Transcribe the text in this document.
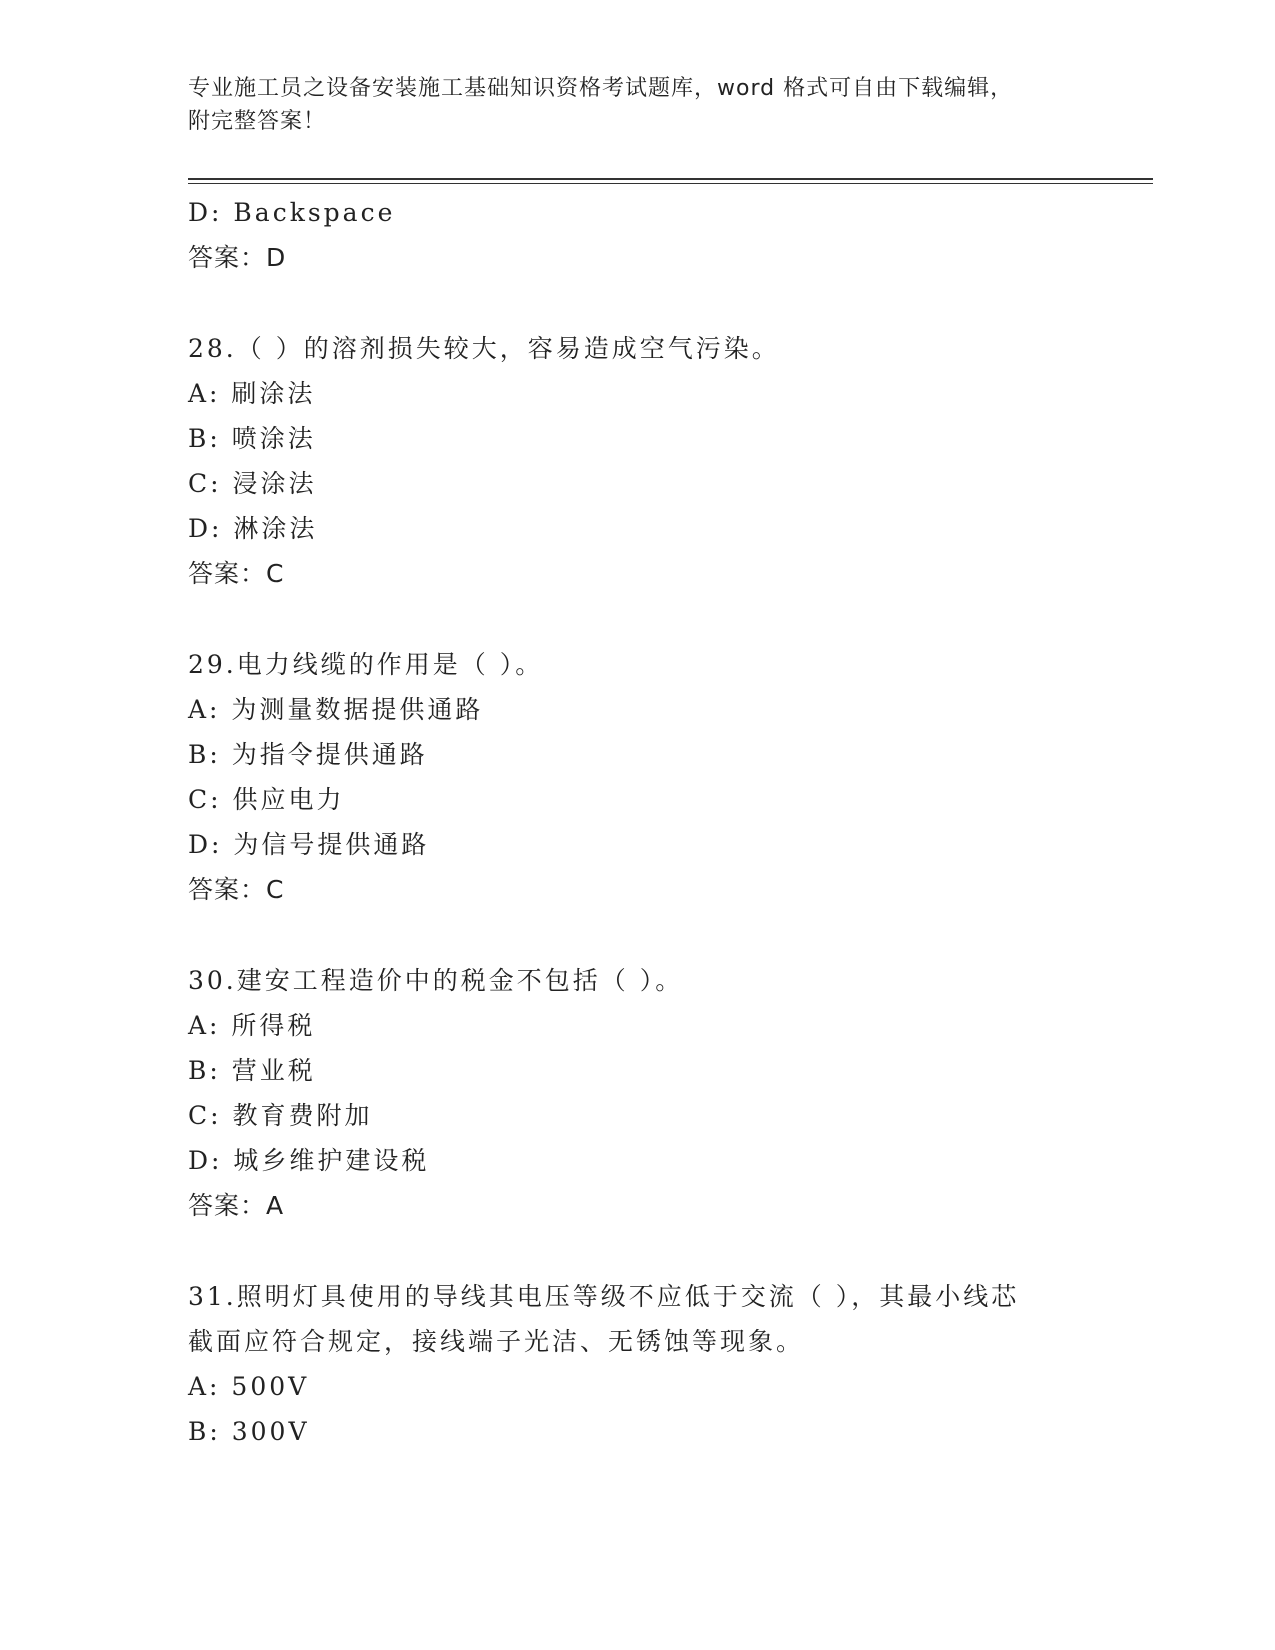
专业施工员之设备安装施工基础知识资格考试题库，word 格式可自由下载编辑，
附完整答案！
D: Backspace
答案：D
28.（ ）的溶剂损失较大，容易造成空气污染。
A: 刷涂法
B: 喷涂法
C: 浸涂法
D: 淋涂法
答案：C
29.电力线缆的作用是（ ）。
A: 为测量数据提供通路
B: 为指令提供通路
C: 供应电力
D: 为信号提供通路
答案：C
30.建安工程造价中的税金不包括（ ）。
A: 所得税
B: 营业税
C: 教育费附加
D: 城乡维护建设税
答案：A
31.照明灯具使用的导线其电压等级不应低于交流（ ），其最小线芯
截面应符合规定，接线端子光洁、无锈蚀等现象。
A: 500V
B: 300V
